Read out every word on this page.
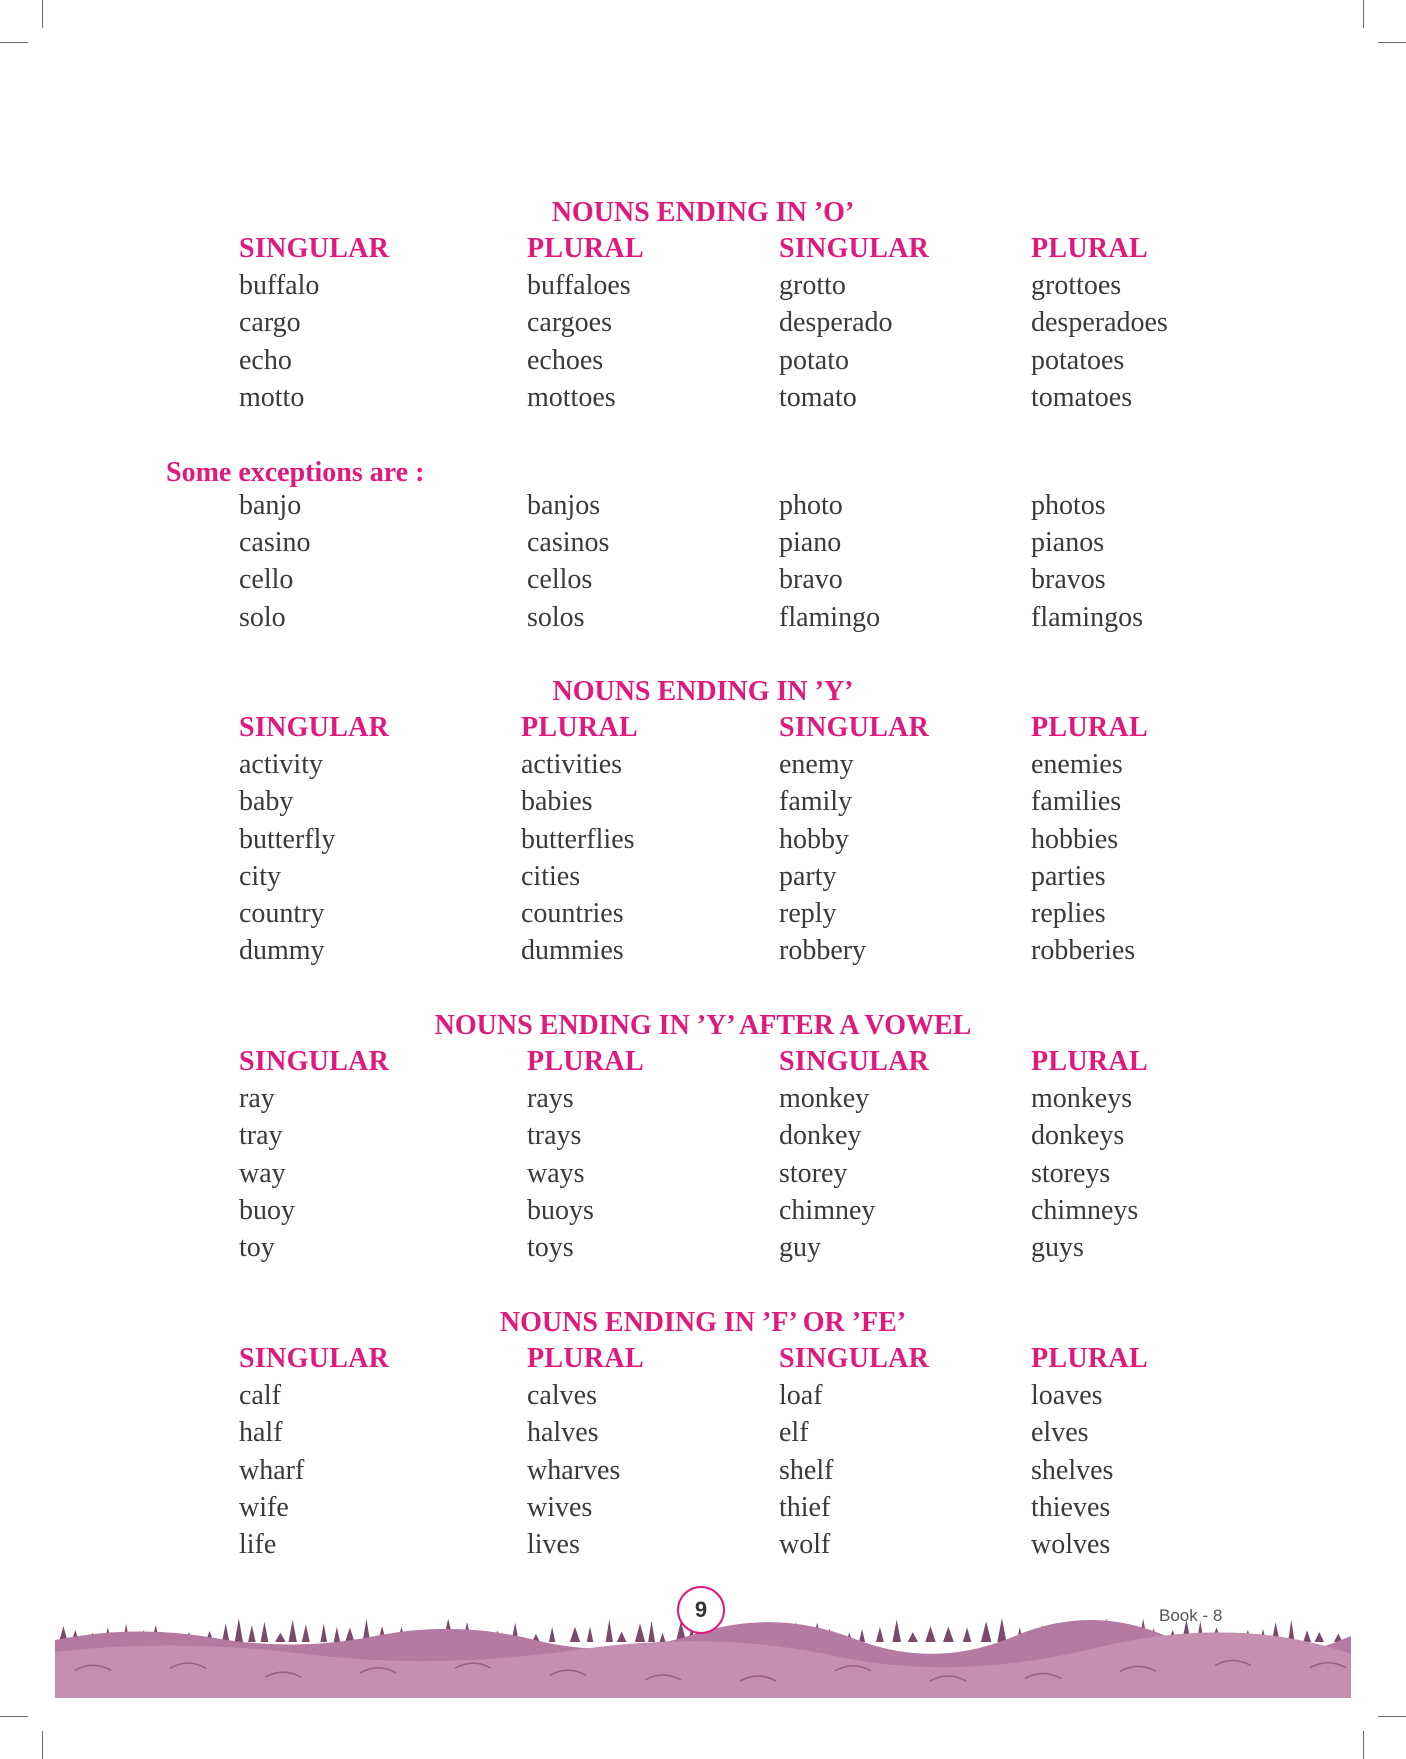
NOUNS ENDING IN ’O’
SINGULAR	PLURAL	SINGULAR	PLURAL
buffalo	buffaloes	grotto	grottoes
cargo	cargoes	desperado	desperadoes
echo	echoes	potato	potatoes
motto	mottoes	tomato	tomatoes
Some exceptions are :
banjo	banjos	photo	photos
casino	casinos	piano	pianos
cello	cellos	bravo	bravos
solo	solos	flamingo	flamingos
NOUNS ENDING IN ’Y’
SINGULAR	PLURAL	SINGULAR	PLURAL
activity	activities	enemy	enemies
baby	babies	family	families
butterfly	butterflies	hobby	hobbies
city	cities	party	parties
country	countries	reply	replies
dummy	dummies	robbery	robberies
NOUNS ENDING IN ’Y’ AFTER A VOWEL
SINGULAR	PLURAL	SINGULAR	PLURAL
ray	rays	monkey	monkeys
tray	trays	donkey	donkeys
way	ways	storey	storeys
buoy	buoys	chimney	chimneys
toy	toys	guy	guys
NOUNS ENDING IN ’F’ OR ’FE’
SINGULAR	PLURAL	SINGULAR	PLURAL
calf	calves	loaf	loaves
half	halves	elf	elves
wharf	wharves	shelf	shelves
wife	wives	thief	thieves
life	lives	wolf	wolves
9	Book - 8
